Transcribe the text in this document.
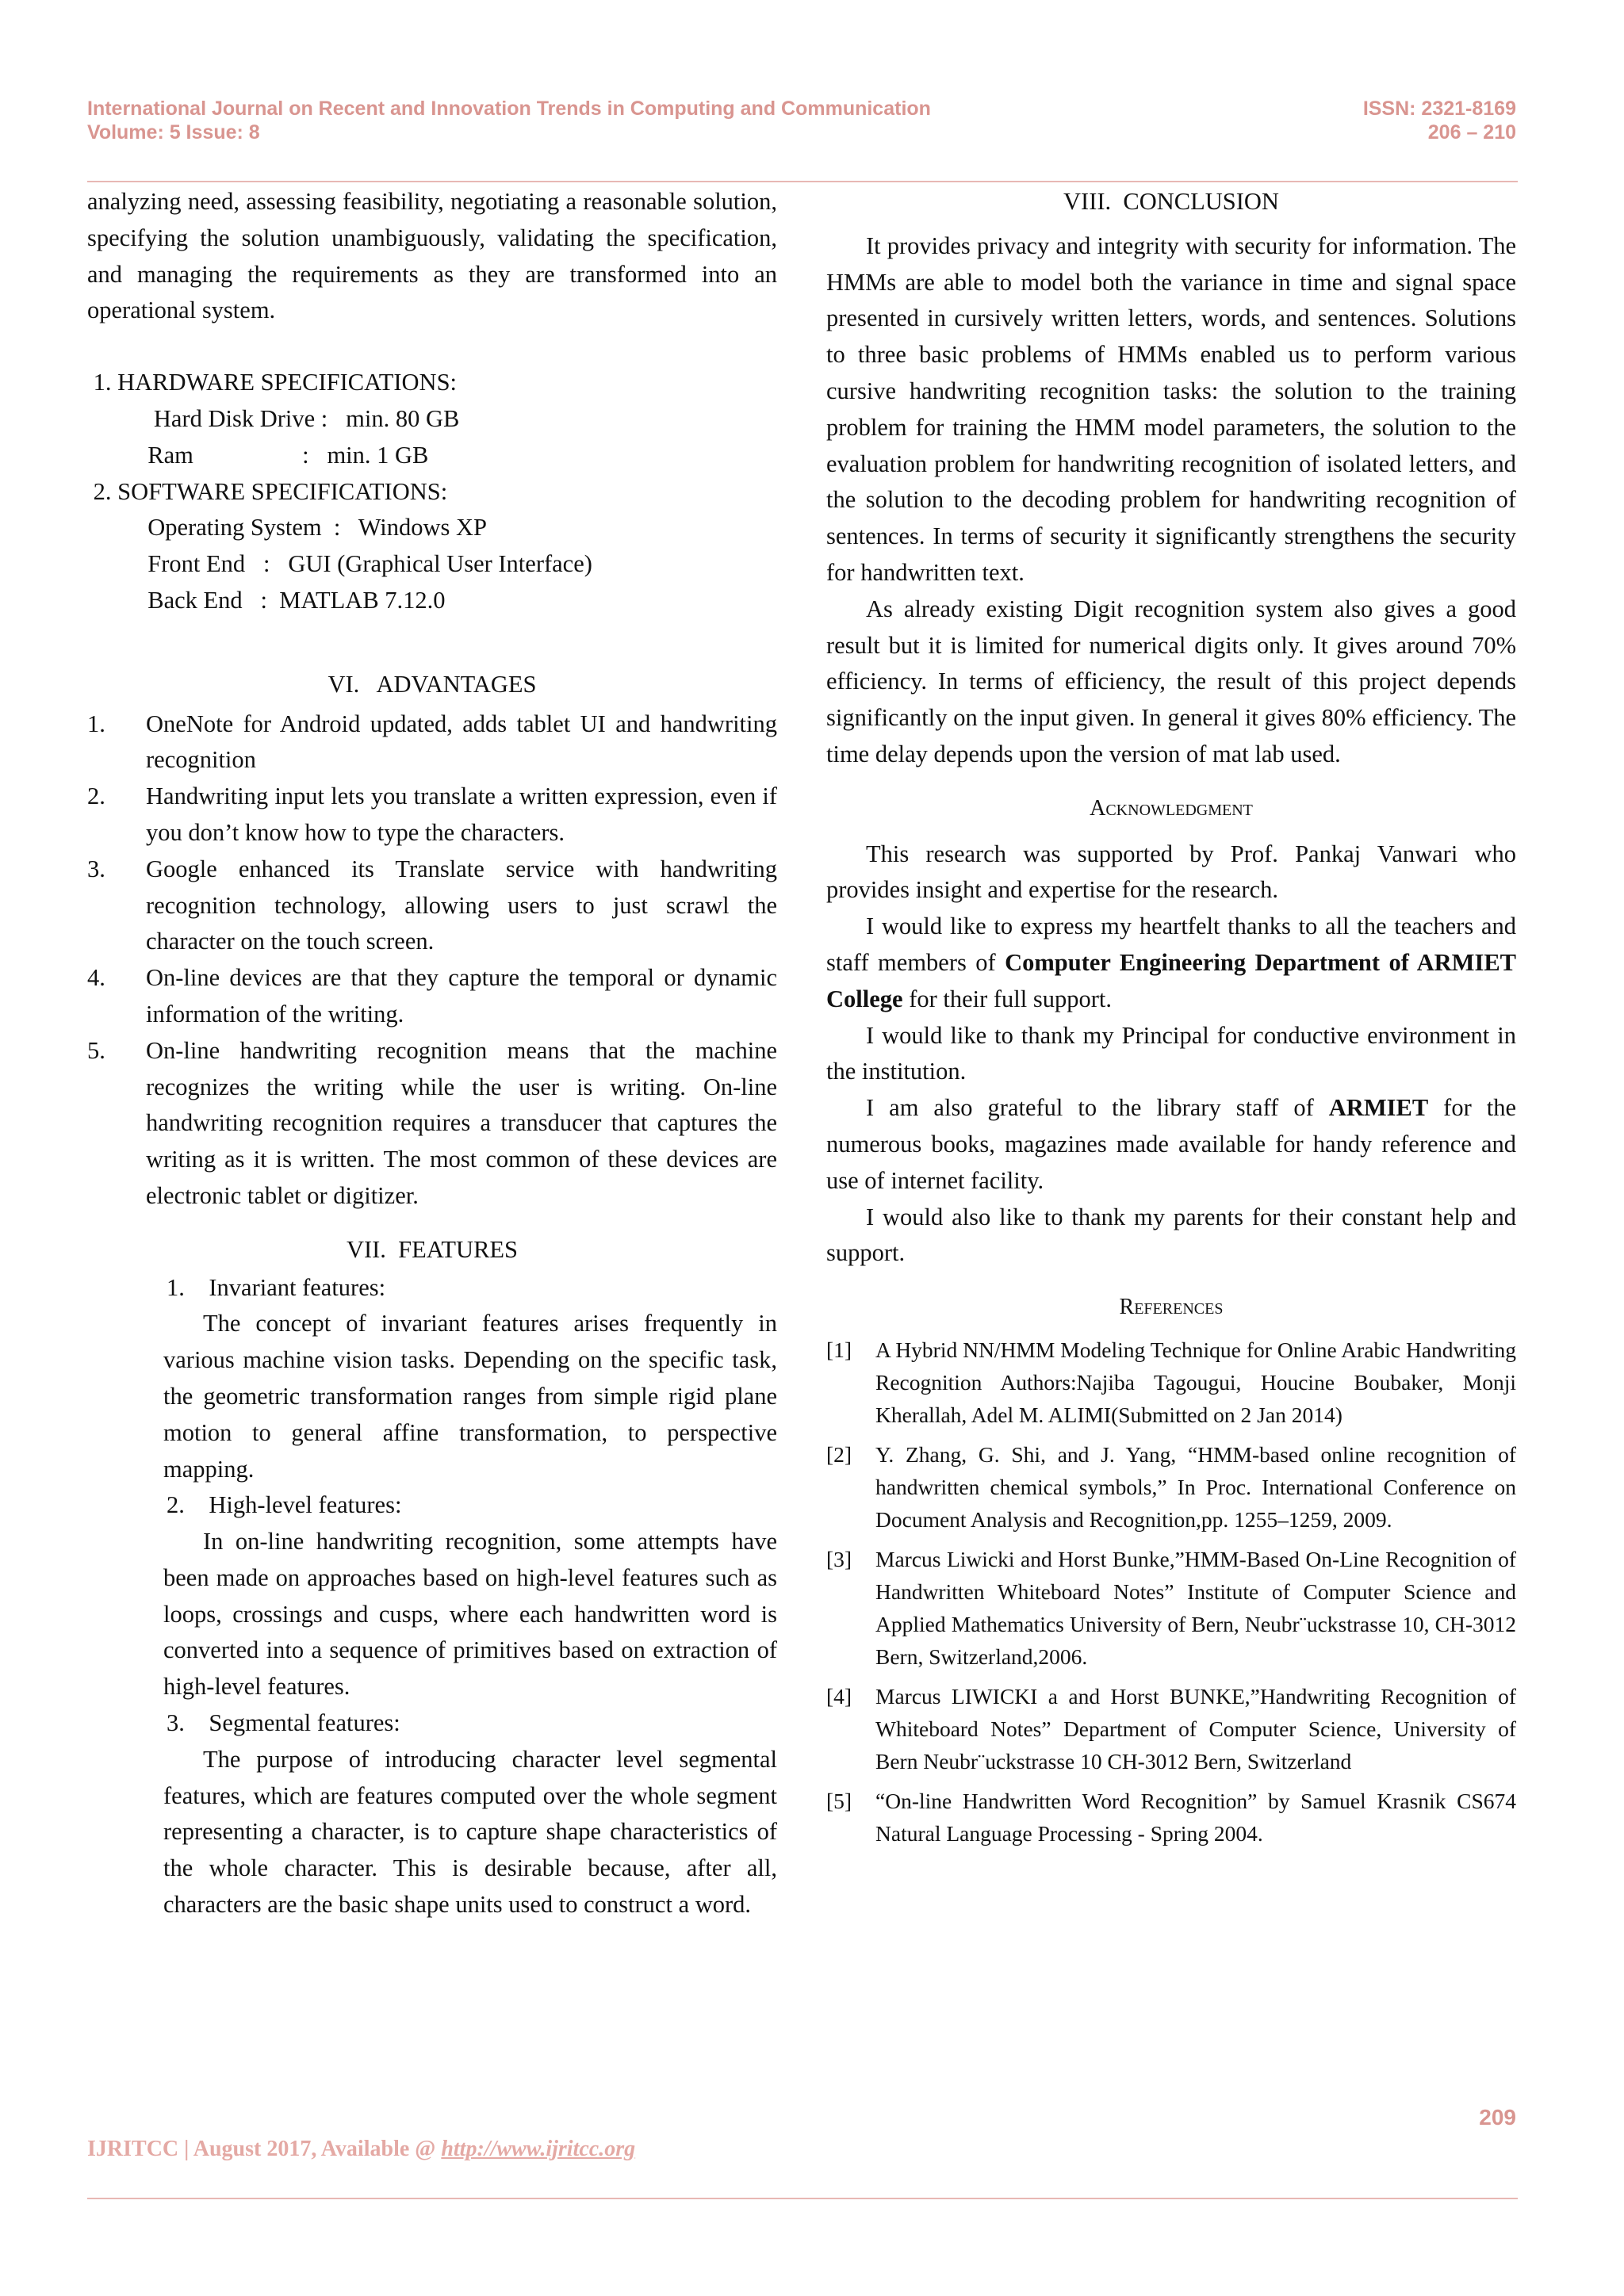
International Journal on Recent and Innovation Trends in Computing and Communication
Volume: 5 Issue: 8
ISSN: 2321-8169
206 – 210

analyzing need, assessing feasibility, negotiating a reasonable solution, specifying the solution unambiguously, validating the specification, and managing the requirements as they are transformed into an operational system.

1. HARDWARE SPECIFICATIONS:
Hard Disk Drive :   min. 80 GB
Ram                  :   min. 1 GB
2. SOFTWARE SPECIFICATIONS:
Operating System  :   Windows XP
Front End   :   GUI (Graphical User Interface)
Back End   :  MATLAB 7.12.0
VI.   ADVANTAGES
1.	OneNote for Android updated, adds tablet UI and handwriting recognition
2.	Handwriting input lets you translate a written expression, even if you don’t know how to type the characters.
3.	Google enhanced its Translate service with handwriting recognition technology, allowing users to just scrawl the character on the touch screen.
4.	On-line devices are that they capture the temporal or dynamic information of the writing.
5.	On-line handwriting recognition means that the machine recognizes the writing while the user is writing. On-line handwriting recognition requires a transducer that captures the writing as it is written. The most common of these devices are electronic tablet or digitizer.
VII.  FEATURES
1.    Invariant features:

The concept of invariant features arises frequently in various machine vision tasks. Depending on the specific task, the geometric transformation ranges from simple rigid plane motion to general affine transformation, to perspective mapping.

2.    High-level features:

In on-line handwriting recognition, some attempts have been made on approaches based on high-level features such as loops, crossings and cusps, where each handwritten word is converted into a sequence of primitives based on extraction of high-level features.

3.    Segmental features:

The purpose of introducing character level segmental features, which are features computed over the whole segment representing a character, is to capture shape characteristics of the whole character. This is desirable because, after all, characters are the basic shape units used to construct a word.

VIII.  CONCLUSION

It provides privacy and integrity with security for information. The HMMs are able to model both the variance in time and signal space presented in cursively written letters, words, and sentences. Solutions to three basic problems of HMMs enabled us to perform various cursive handwriting recognition tasks: the solution to the training problem for training the HMM model parameters, the solution to the evaluation problem for handwriting recognition of isolated letters, and the solution to the decoding problem for handwriting recognition of sentences. In terms of security it significantly strengthens the security for handwritten text.

As already existing Digit recognition system also gives a good result but it is limited for numerical digits only. It gives around 70% efficiency. In terms of efficiency, the result of this project depends significantly on the input given. In general it gives 80% efficiency. The time delay depends upon the version of mat lab used.

Acknowledgment

This research was supported by Prof. Pankaj Vanwari who provides insight and expertise for the research.

I would like to express my heartfelt thanks to all the teachers and staff members of Computer Engineering Department of ARMIET College for their full support.

I would like to thank my Principal for conductive environment in the institution.

I am also grateful to the library staff of ARMIET for the numerous books, magazines made available for handy reference and use of internet facility.

I would also like to thank my parents for their constant help and support.

References
[1]	A Hybrid NN/HMM Modeling Technique for Online Arabic Handwriting Recognition Authors:Najiba Tagougui, Houcine Boubaker, Monji Kherallah, Adel M. ALIMI(Submitted on 2 Jan 2014)
[2]	Y. Zhang, G. Shi, and J. Yang, “HMM-based online recognition of handwritten chemical symbols,” In Proc. International Conference on Document Analysis and Recognition,pp. 1255–1259, 2009.
[3]	Marcus Liwicki and Horst Bunke,”HMM-Based On-Line Recognition of Handwritten Whiteboard Notes” Institute of Computer Science and Applied Mathematics University of Bern, Neubr¨uckstrasse 10, CH-3012 Bern, Switzerland,2006.
[4]	Marcus LIWICKI a and Horst BUNKE,”Handwriting Recognition of Whiteboard Notes” Department of Computer Science, University of Bern Neubr¨uckstrasse 10 CH-3012 Bern, Switzerland
[5]	“On-line Handwritten Word Recognition” by Samuel Krasnik CS674 Natural Language Processing - Spring 2004.
209
IJRITCC | August 2017, Available @ http://www.ijritcc.org
